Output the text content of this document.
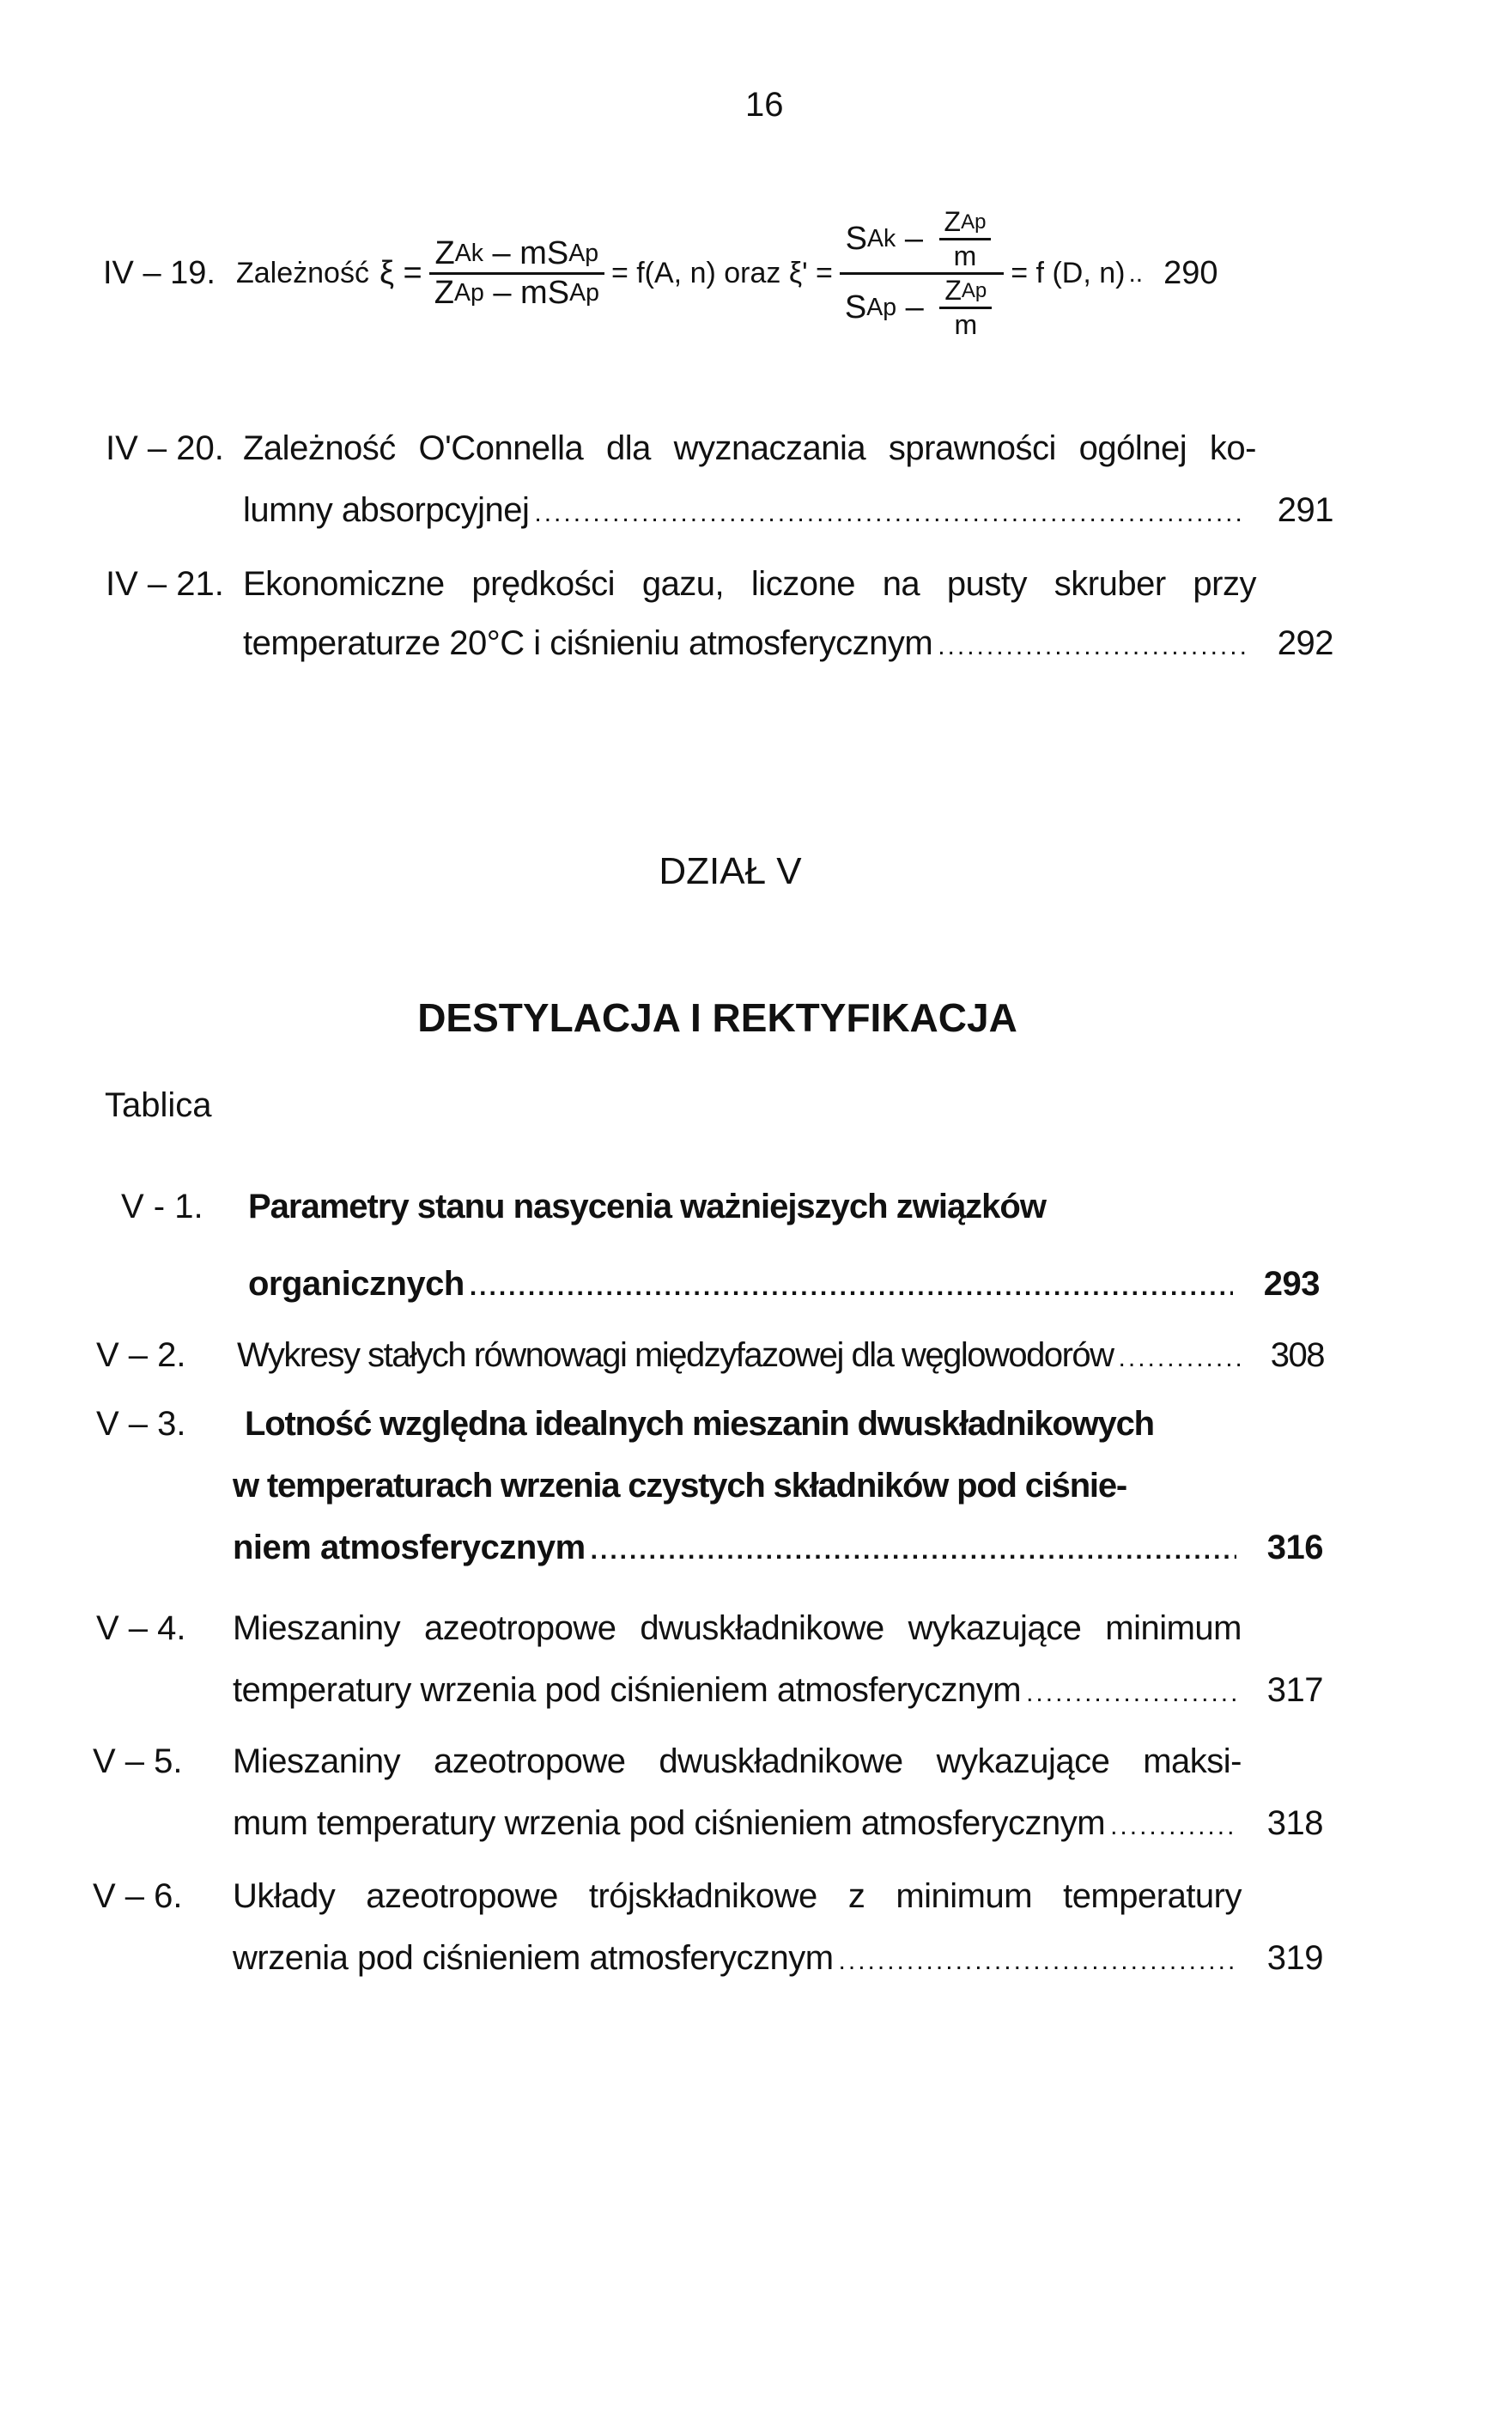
16
IV – 19. Zależność $\xi = \frac{\text{Z Ak – mS Ap}}{\text{Z Ap – mS Ap}} = f(A$, n) oraz $\xi' = \frac{S Ak - \frac{\text{Z Ap}}{m}}{S Ap - \frac{\text{Z Ap}}{m}} = f$ (D, n) .. 290
IV – 20. Zależność O'Connella dla wyznaczania sprawności ogólnej ko-
lumny absorpcyjnej .....	291
IV – 21. Ekonomiczne prędkości gazu, liczone na pusty skruber przy
temperaturze 20°C i ciśnieniu atmosferycznym .....	292
DZIAŁ V
DESTYLACJA I REKTYFIKACJA
Tablica
V - 1. Parametry stanu nasycenia ważniejszych związków
organicznych .....	293
V – 2. Wykresy stałych równowagi międzyfazowej dla węglowodorów .....	308
V – 3. Lotność względna idealnych mieszanin dwuskładnikowych
w temperaturach wrzenia czystych składników pod ciśnie-
niem atmosferycznym .....	316
V – 4. Mieszaniny azeotropowe dwuskładnikowe wykazujące minimum
temperatury wrzenia pod ciśnieniem atmosferycznym .....	317
V – 5. Mieszaniny azeotropowe dwuskładnikowe wykazujące maksi-
mum temperatury wrzenia pod ciśnieniem atmosferycznym .....	318
V – 6. Układy azeotropowe trójskładnikowe z minimum temperatury
wrzenia pod ciśnieniem atmosferycznym .....	319
